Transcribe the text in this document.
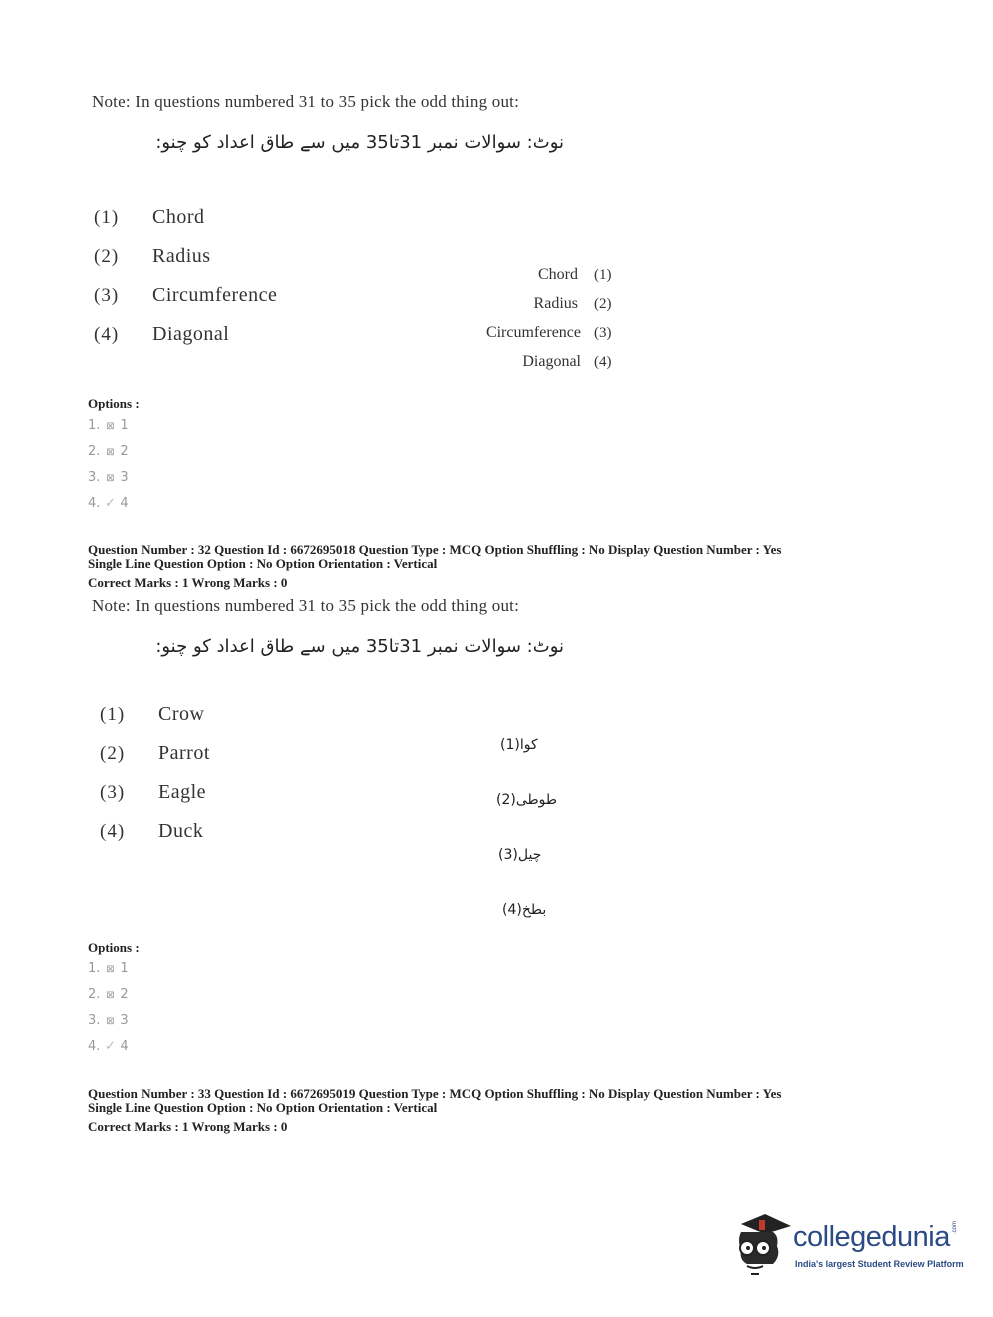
Note: In questions numbered 31 to 35 pick the odd thing out:
نوٹ: سوالات نمبر 31تا35 میں سے طاق اعداد کو چنو:
(1) Chord
(2) Radius
(3) Circumference
(4) Diagonal
Chord (1)
Radius (2)
Circumference (3)
Diagonal (4)
Options :
1. ⊠ 1
2. ⊠ 2
3. ⊠ 3
4. ✓ 4
Question Number : 32 Question Id : 6672695018 Question Type : MCQ Option Shuffling : No Display Question Number : Yes
Single Line Question Option : No Option Orientation : Vertical
Correct Marks : 1 Wrong Marks : 0
Note: In questions numbered 31 to 35 pick the odd thing out:
نوٹ: سوالات نمبر 31تا35 میں سے طاق اعداد کو چنو:
(1) Crow
(2) Parrot
(3) Eagle
(4) Duck
کوا(1)
طوطی(2)
چیل(3)
بطخ(4)
Options :
1. ⊠ 1
2. ⊠ 2
3. ⊠ 3
4. ✓ 4
Question Number : 33 Question Id : 6672695019 Question Type : MCQ Option Shuffling : No Display Question Number : Yes
Single Line Question Option : No Option Orientation : Vertical
Correct Marks : 1 Wrong Marks : 0
collegedunia .com
India's largest Student Review Platform
